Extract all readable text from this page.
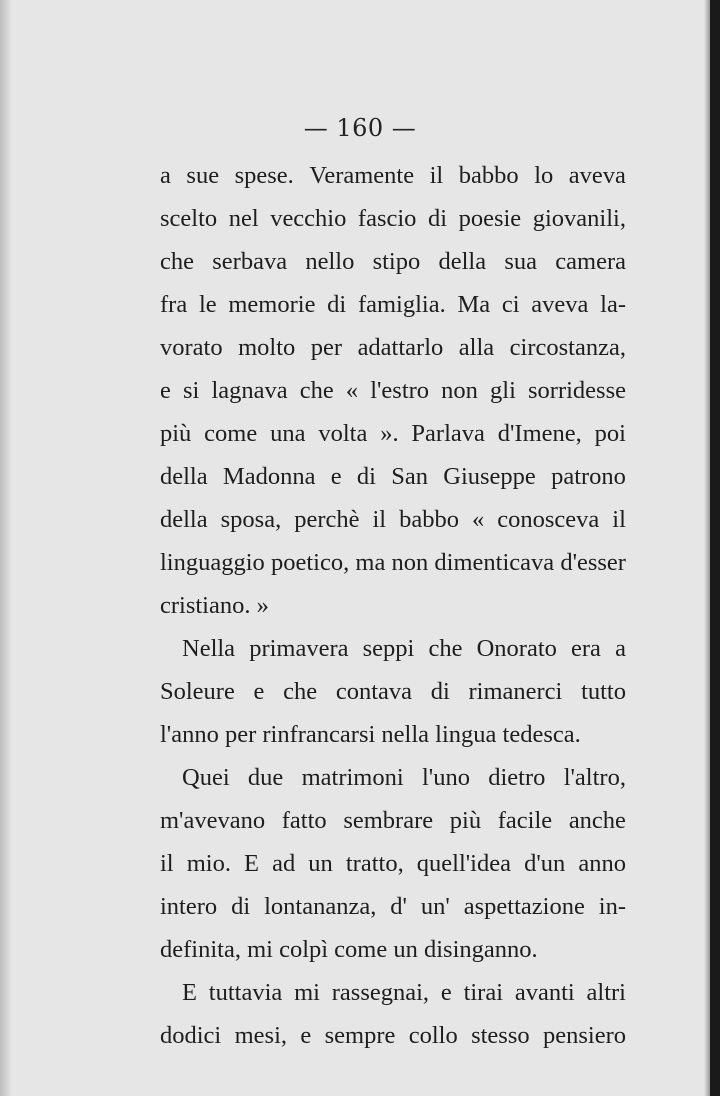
— 160 —
a sue spese. Veramente il babbo lo aveva
scelto nel vecchio fascio di poesie giovanili,
che serbava nello stipo della sua camera
fra le memorie di famiglia. Ma ci aveva la-
vorato molto per adattarlo alla circostanza,
e si lagnava che « l'estro non gli sorridesse
più come una volta ». Parlava d'Imene, poi
della Madonna e di San Giuseppe patrono
della sposa, perchè il babbo « conosceva il
linguaggio poetico, ma non dimenticava d'esser
cristiano. »
Nella primavera seppi che Onorato era a
Soleure e che contava di rimanerci tutto
l'anno per rinfrancarsi nella lingua tedesca.
Quei due matrimoni l'uno dietro l'altro,
m'avevano fatto sembrare più facile anche
il mio. E ad un tratto, quell'idea d'un anno
intero di lontananza, d' un' aspettazione in-
definita, mi colpì come un disinganno.
E tuttavia mi rassegnai, e tirai avanti altri
dodici mesi, e sempre collo stesso pensiero
